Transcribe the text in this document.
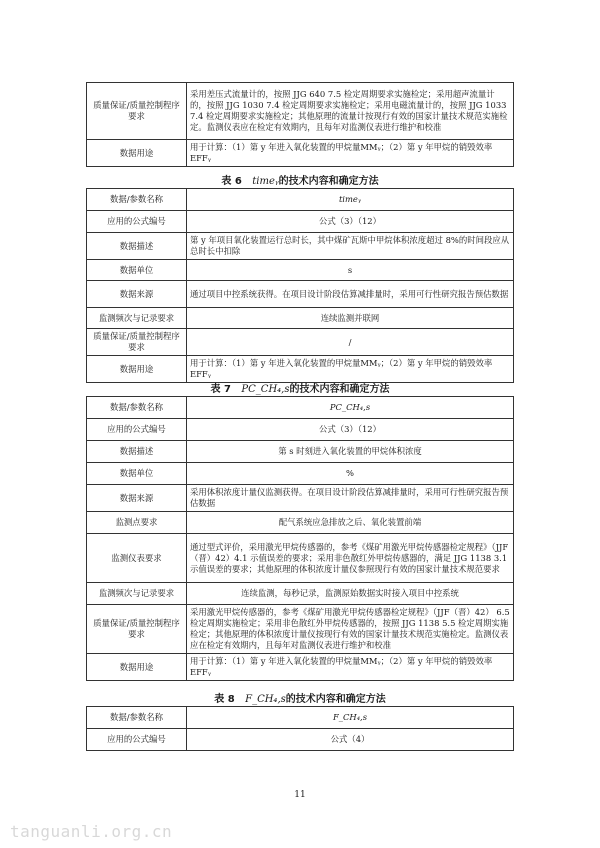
质量保证/质量控制程序要求	采用差压式流量计的，按照 JJG 640 7.5 检定周期要求实施检定；采用超声流量计的，按照 JJG 1030 7.4 检定周期要求实施检定；采用电磁流量计的，按照 JJG 1033 7.4 检定周期要求实施检定；其他原理的流量计按现行有效的国家计量技术规范实施检定。监测仪表应在检定有效期内，且每年对监测仪表进行维护和校准
数据用途	用于计算：（1）第 y 年进入氧化装置的甲烷量MMᵧ；（2）第 y 年甲烷的销毁效率EFFᵧ
表 6 timeᵧ的技术内容和确定方法
数据/参数名称	timeᵧ
应用的公式编号	公式（3）（12）
数据描述	第 y 年项目氧化装置运行总时长，其中煤矿瓦斯中甲烷体积浓度超过 8%的时间段应从总时长中扣除
数据单位	s
数据来源	通过项目中控系统获得。在项目设计阶段估算减排量时，采用可行性研究报告预估数据
监测频次与记录要求	连续监测并联网
质量保证/质量控制程序要求	/
数据用途	用于计算：（1）第 y 年进入氧化装置的甲烷量MMᵧ；（2）第 y 年甲烷的销毁效率EFFᵧ
表 7 PC_CH₄,s的技术内容和确定方法
数据/参数名称	PC_CH₄,s
应用的公式编号	公式（3）（12）
数据描述	第 s 时刻进入氧化装置的甲烷体积浓度
数据单位	%
数据来源	采用体积浓度计量仪监测获得。在项目设计阶段估算减排量时，采用可行性研究报告预估数据
监测点要求	配气系统应急排放之后、氧化装置前端
监测仪表要求	通过型式评价，采用激光甲烷传感器的，参考《煤矿用激光甲烷传感器检定规程》（JJF（晋）42）4.1 示值误差的要求；采用非色散红外甲烷传感器的，满足 JJG 1138 3.1 示值误差的要求；其他原理的体积浓度计量仪参照现行有效的国家计量技术规范要求
监测频次与记录要求	连续监测，每秒记录，监测原始数据实时接入项目中控系统
质量保证/质量控制程序要求	采用激光甲烷传感器的，参考《煤矿用激光甲烷传感器检定规程》（JJF（晋）42） 6.5 检定周期实施检定；采用非色散红外甲烷传感器的，按照 JJG 1138 5.5 检定周期实施检定；其他原理的体积浓度计量仪按现行有效的国家计量技术规范实施检定。监测仪表应在检定有效期内，且每年对监测仪表进行维护和校准
数据用途	用于计算：（1）第 y 年进入氧化装置的甲烷量MMᵧ；（2）第 y 年甲烷的销毁效率EFFᵧ
表 8 F_CH₄,s的技术内容和确定方法
数据/参数名称	F_CH₄,s
应用的公式编号	公式（4）
11
tanguanli.org.cn
